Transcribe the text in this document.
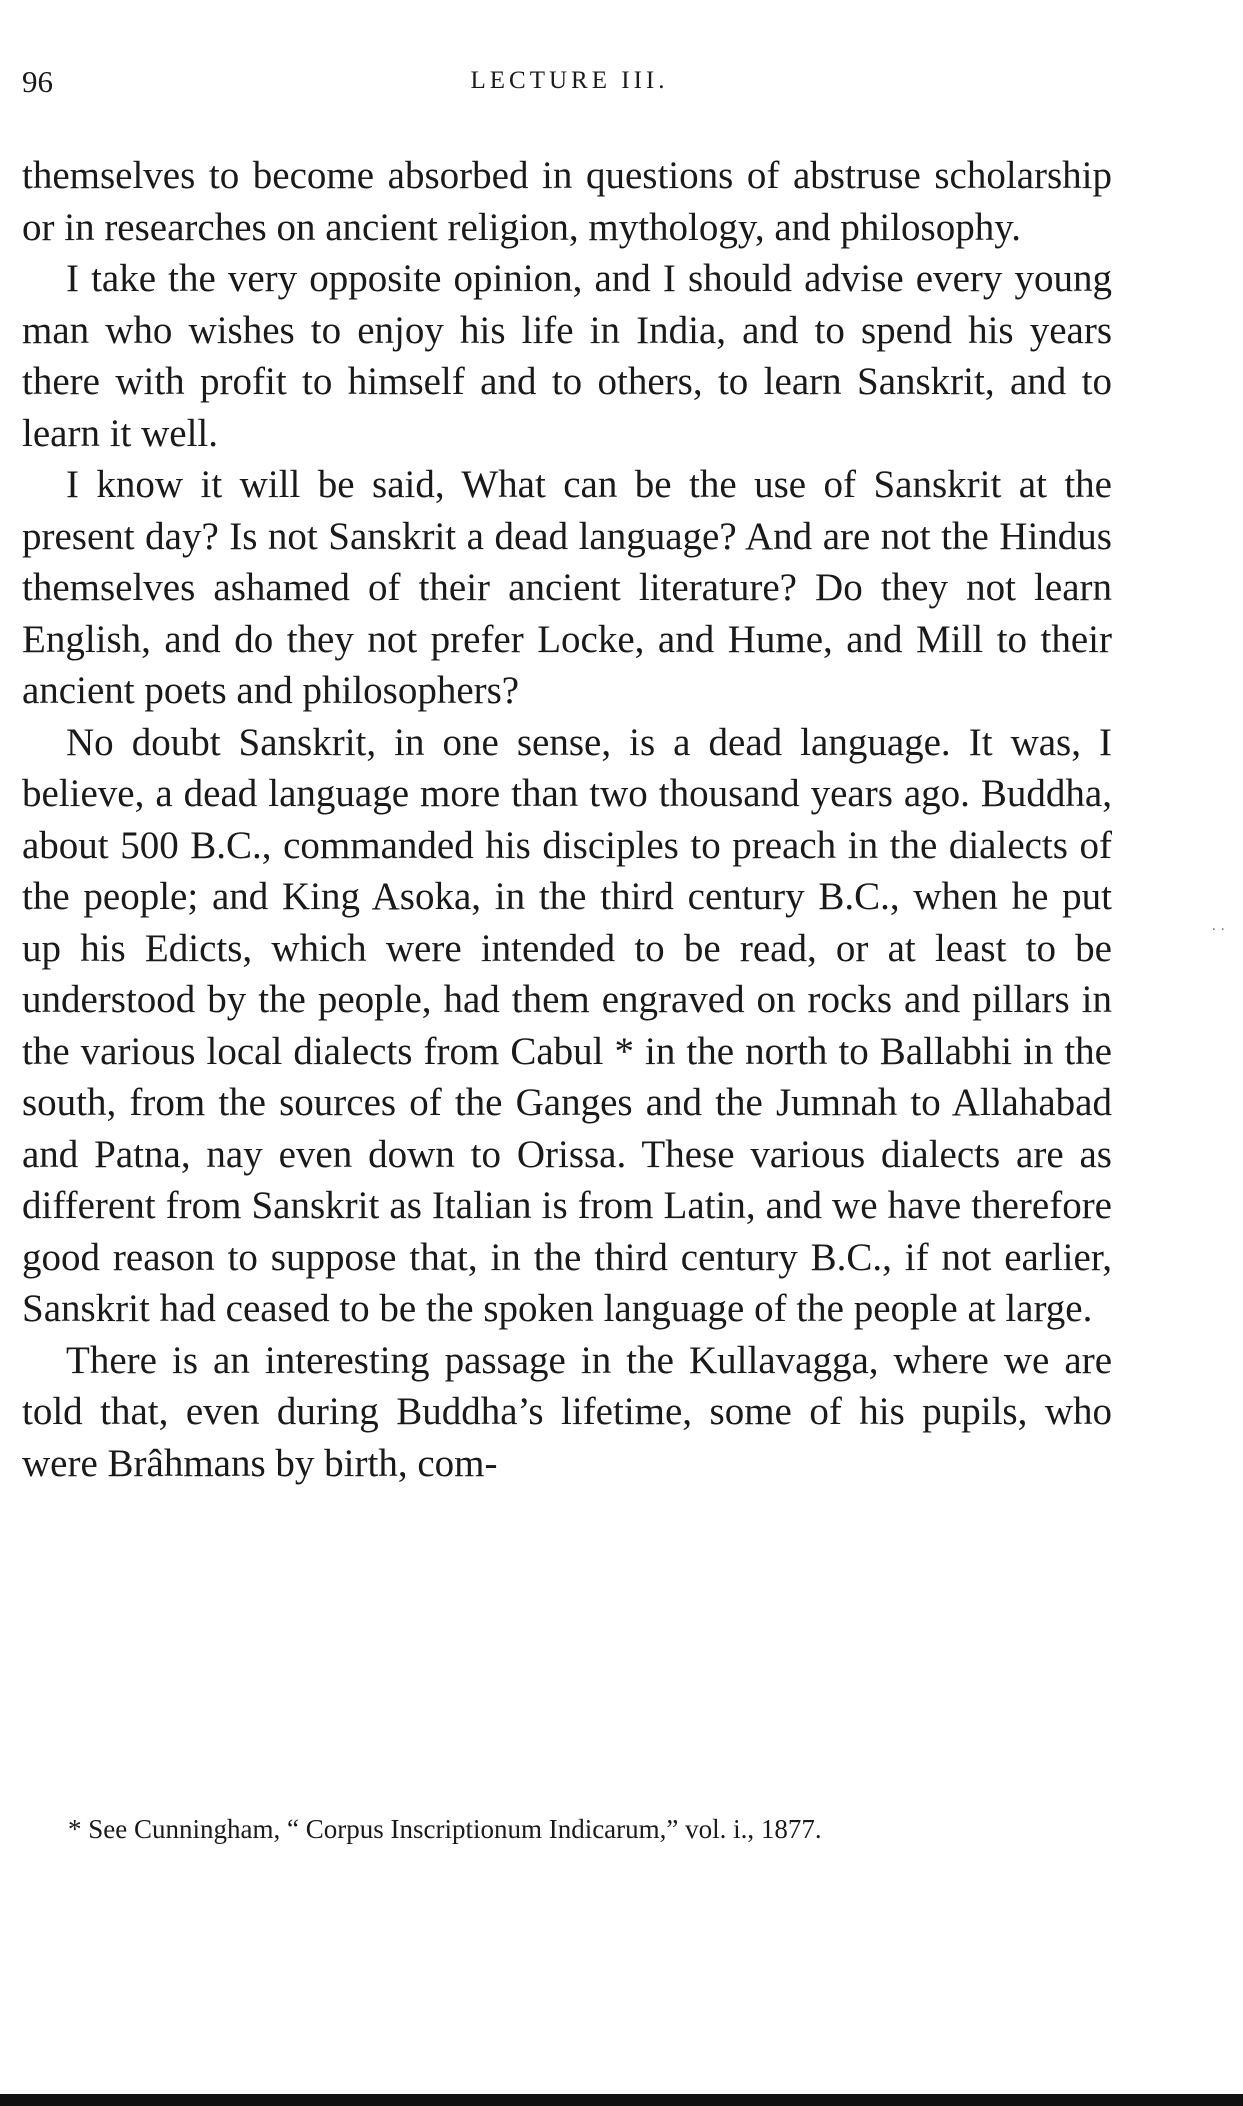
96	LECTURE III.

themselves to become absorbed in questions of abstruse scholarship or in researches on ancient religion, mythology, and philosophy.

I take the very opposite opinion, and I should advise every young man who wishes to enjoy his life in India, and to spend his years there with profit to himself and to others, to learn Sanskrit, and to learn it well.

I know it will be said, What can be the use of Sanskrit at the present day? Is not Sanskrit a dead language? And are not the Hindus themselves ashamed of their ancient literature? Do they not learn English, and do they not prefer Locke, and Hume, and Mill to their ancient poets and philosophers?

No doubt Sanskrit, in one sense, is a dead language. It was, I believe, a dead language more than two thousand years ago. Buddha, about 500 B.C., commanded his disciples to preach in the dialects of the people; and King Asoka, in the third century B.C., when he put up his Edicts, which were intended to be read, or at least to be understood by the people, had them engraved on rocks and pillars in the various local dialects from Cabul * in the north to Ballabhi in the south, from the sources of the Ganges and the Jumnah to Allahabad and Patna, nay even down to Orissa. These various dialects are as different from Sanskrit as Italian is from Latin, and we have therefore good reason to suppose that, in the third century B.C., if not earlier, Sanskrit had ceased to be the spoken language of the people at large.

There is an interesting passage in the Kullavagga, where we are told that, even during Buddha’s lifetime, some of his pupils, who were Brâhmans by birth, com-

* See Cunningham, “ Corpus Inscriptionum Indicarum,” vol. i., 1877.

· ·
